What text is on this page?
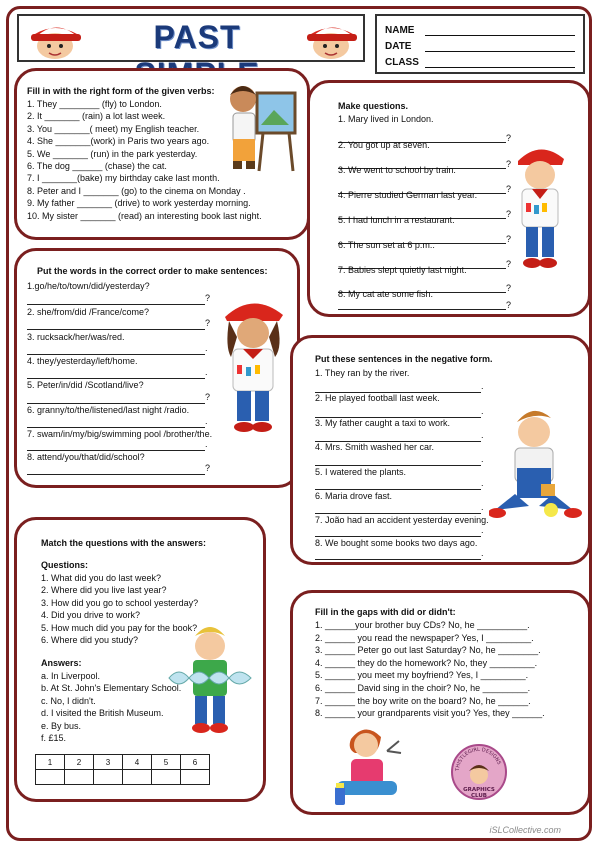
PAST	NAME
DATE
CLASS
Fill in with the right form of the given verbs:
1. They ________ (fly) to London.
2. It _______ (rain) a lot last week.
3. You _______( meet) my English teacher.
4. She _______(work) in Paris two years ago.
5. We _______ (run) in the park yesterday.
6. The dog ______ (chase) the cat.
7. I _______(bake) my birthday cake last month.
8. Peter and I _______ (go) to the cinema on Monday .
9. My father _______ (drive) to work yesterday morning.
10. My sister _______ (read) an interesting book last night.
Make questions.
1. Mary lived in London.
?
2. You got up at seven.
?
3. We went to school by train.
?
4. Pierre studied German last year.
?
5. I had lunch in a restaurant.
?
6. The sun set at 6 p.m..
?
7. Babies slept quietly last night.
?
8. My cat ate some fish.
?
Put the words in the correct order to make sentences:
1.go/he/to/town/did/yesterday?
?
2. she/from/did /France/come?
?
3. rucksack/her/was/red.
.
4. they/yesterday/left/home.
.
5. Peter/in/did /Scotland/live?
?
6. granny/to/the/listened/last night /radio.
.
7. swam/in/my/big/swimming pool /brother/the.
.
8. attend/you/that/did/school?
?
Put these sentences in the negative form.
1. They ran by the river.
.
2. He played football last week.
.
3. My father caught a taxi to work.
.
4. Mrs. Smith washed her car.
.
5. I watered the plants.
.
6. Maria drove fast.
.
7. João had an accident yesterday evening.
.
8. We bought some books two days ago.
.
Match the questions with the answers:
Questions:
1. What did you do last week?
2. Where did you live last year?
3. How did you go to school yesterday?
4. Did you drive to work?
5. How much did you pay for the book?
6. Where did you study?
Answers:
a. In Liverpool.
b. At St. John's Elementary School.
c. No, I didn't.
d. I visited the British Museum.
e. By bus.
f. £15.
1	2	3	4	5	6

Fill in the gaps with did or didn't:
1. ______your brother buy CDs? No, he __________.
2. ______ you read the newspaper? Yes, I _________.
3. ______ Peter go out last Saturday? No, he ________.
4. ______ they do the homework? No, they _________.
5. ______ you meet my boyfriend? Yes, I _________.
6. ______ David sing in the choir? No, he _________.
7. ______ the boy write on the board? No, he ______.
8. ______ your grandparents visit you? Yes, they ______.
THISTLEGIRL DESIGNS
GRAPHICS
CLUB
iSLCollective.com
